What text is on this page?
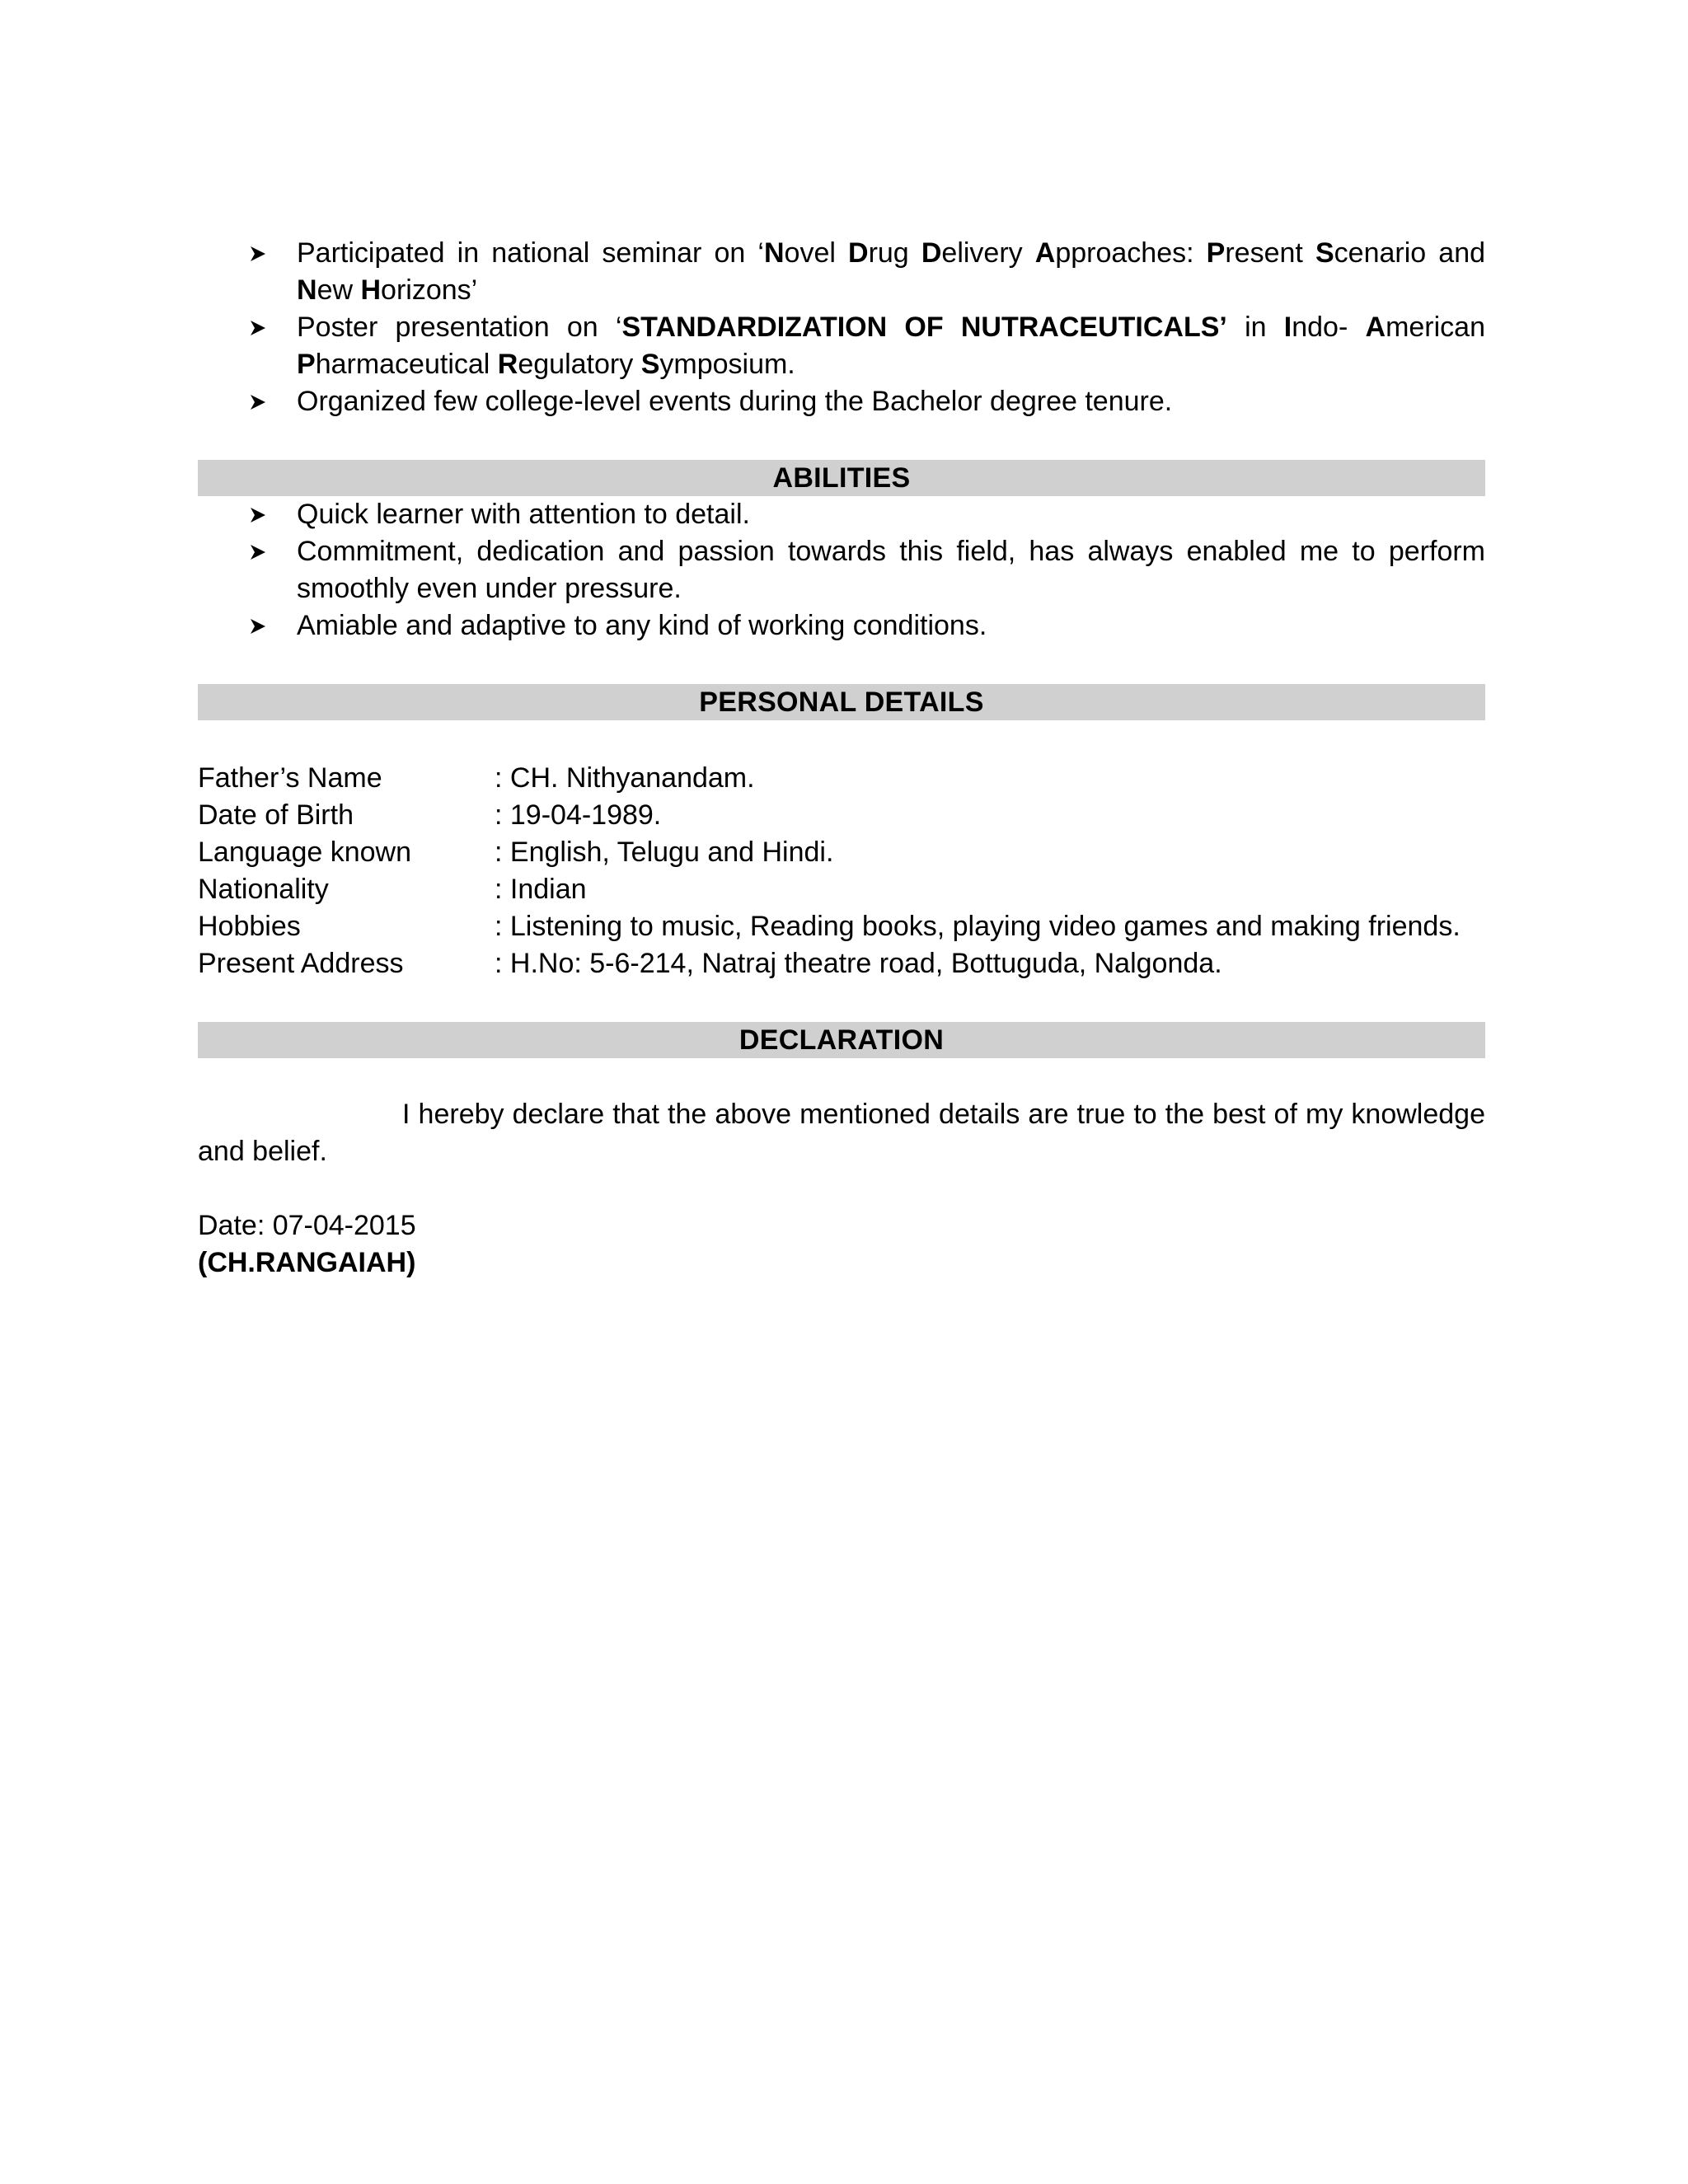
Participated in national seminar on ‘Novel Drug Delivery Approaches: Present Scenario and New Horizons’
Poster presentation on ‘STANDARDIZATION OF NUTRACEUTICALS’ in Indo- American Pharmaceutical Regulatory Symposium.
Organized few college-level events during the Bachelor degree tenure.
ABILITIES
Quick learner with attention to detail.
Commitment, dedication and passion towards this field, has always enabled me to perform smoothly even under pressure.
Amiable and adaptive to any kind of working conditions.
PERSONAL DETAILS
Father’s Name	: CH. Nithyanandam.
Date of Birth	: 19-04-1989.
Language known	: English, Telugu and Hindi.
Nationality	: Indian
Hobbies	: Listening to music, Reading books, playing video games and making friends.
Present Address	: H.No: 5-6-214, Natraj theatre road, Bottuguda, Nalgonda.
DECLARATION
I hereby declare that the above mentioned details are true to the best of my knowledge and belief.
Date: 07-04-2015
(CH.RANGAIAH)
